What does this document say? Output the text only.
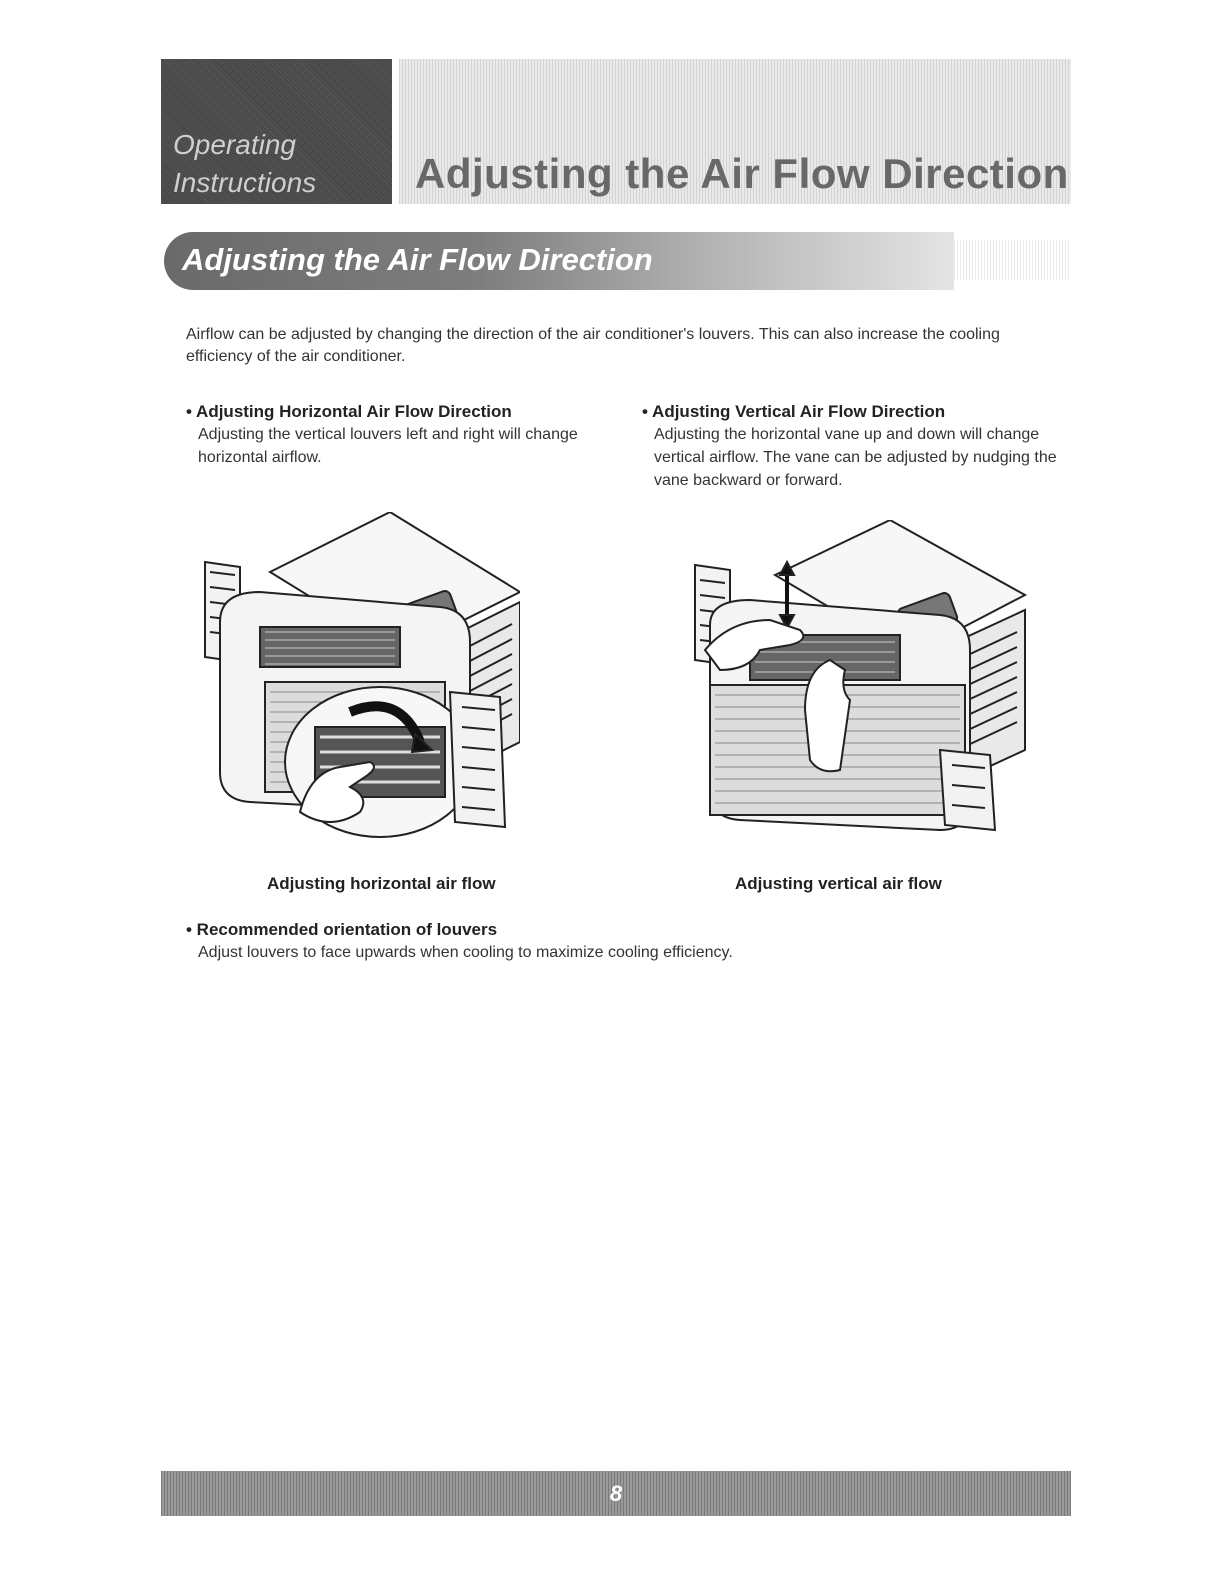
Operating
Instructions Adjusting the Air Flow Direction
Adjusting the Air Flow Direction
Airflow can be adjusted by changing the direction of the air conditioner's louvers. This can also increase the cooling efficiency of the air conditioner.
• Adjusting Horizontal Air Flow Direction
Adjusting the vertical louvers left and right will change horizontal airflow.
• Adjusting Vertical Air Flow Direction
Adjusting the horizontal vane up and down will change vertical airflow. The vane can be adjusted by nudging the vane backward or forward.
Adjusting horizontal air flow	Adjusting vertical air flow
• Recommended orientation of louvers
Adjust louvers to face upwards when cooling to maximize cooling efficiency.
8
